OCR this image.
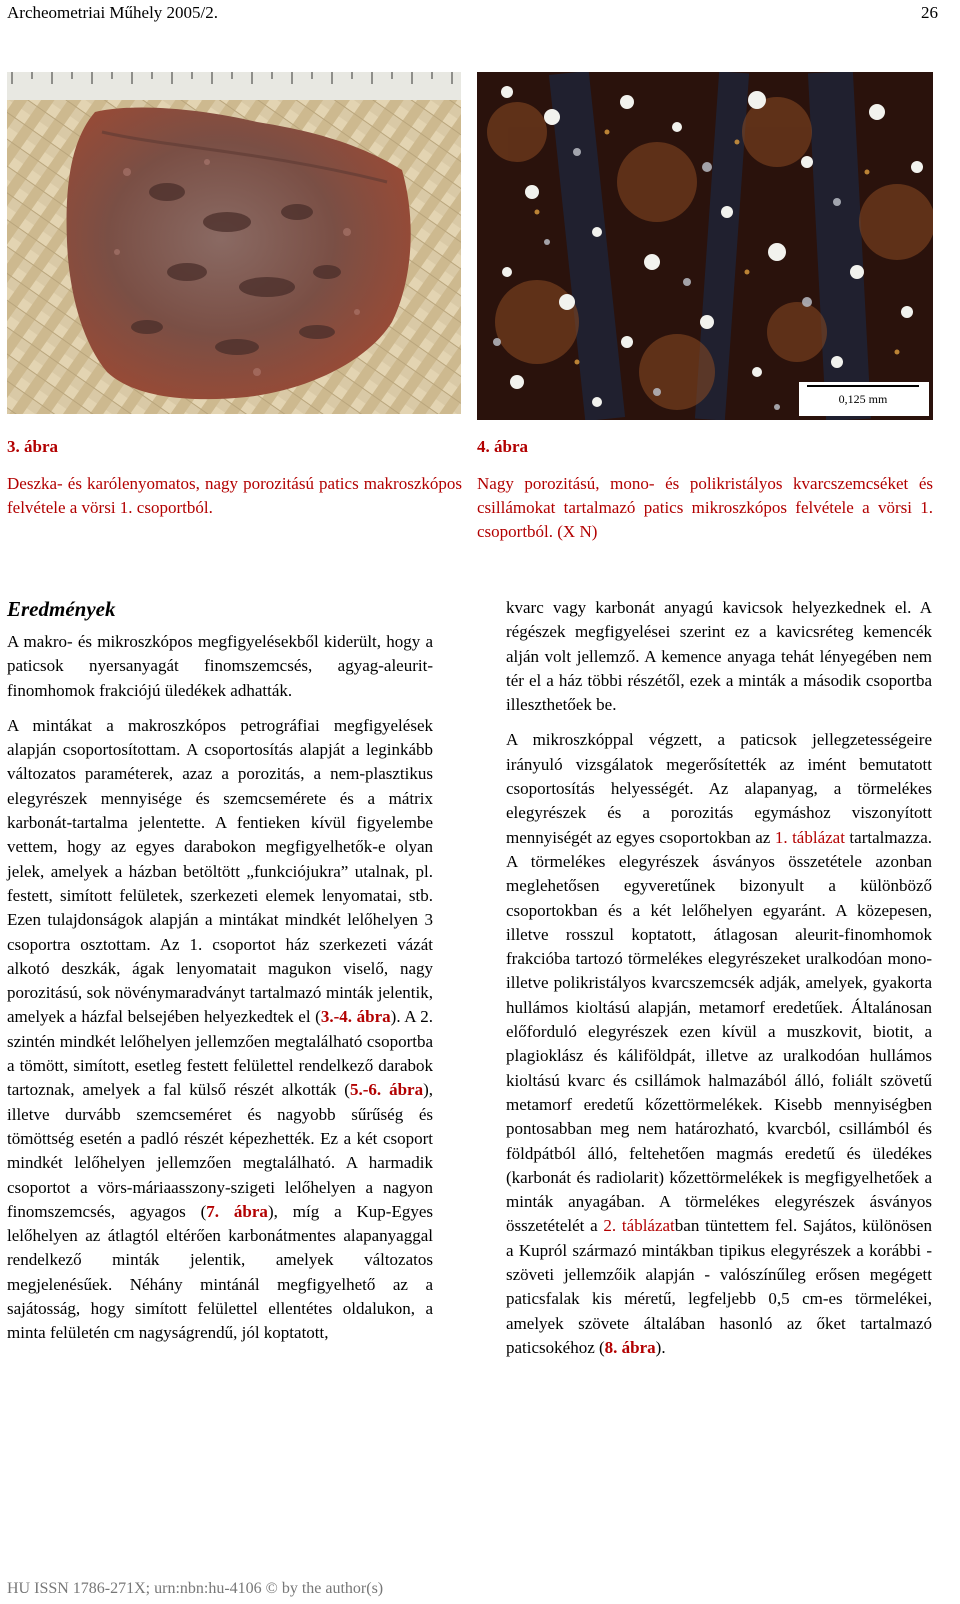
Archeometriai Műhely 2005/2.	26
0,125 mm
3. ábra
Deszka- és karólenyomatos, nagy porozitású patics makroszkópos felvétele a vörsi 1. csoportból.
4. ábra
Nagy porozitású, mono- és polikristályos kvarcszemcséket és csillámokat tartalmazó patics mikroszkópos felvétele a vörsi 1. csoportból. (X N)
Eredmények

A makro- és mikroszkópos megfigyelésekből kiderült, hogy a paticsok nyersanyagát finomszemcsés, agyag-aleurit-finomhomok frakciójú üledékek adhatták.

A mintákat a makroszkópos petrográfiai megfigyelések alapján csoportosítottam. A csoportosítás alapját a leginkább változatos paraméterek, azaz a porozitás, a nem-plasztikus elegyrészek mennyisége és szemcsemérete és a mátrix karbonát-tartalma jelentette. A fentieken kívül figyelembe vettem, hogy az egyes darabokon megfigyelhetők-e olyan jelek, amelyek a házban betöltött „funkciójukra” utalnak, pl. festett, simított felületek, szerkezeti elemek lenyomatai, stb. Ezen tulajdonságok alapján a mintákat mindkét lelőhelyen 3 csoportra osztottam. Az 1. csoportot ház szerkezeti vázát alkotó deszkák, ágak lenyomatait magukon viselő, nagy porozitású, sok növénymaradványt tartalmazó minták jelentik, amelyek a házfal belsejében helyezkedtek el (3.-4. ábra). A 2. szintén mindkét lelőhelyen jellemzően megtalálható csoportba a tömött, simított, esetleg festett felülettel rendelkező darabok tartoznak, amelyek a fal külső részét alkották (5.-6. ábra), illetve durvább szemcseméret és nagyobb sűrűség és tömöttség esetén a padló részét képezhették. Ez a két csoport mindkét lelőhelyen jellemzően megtalálható. A harmadik csoportot a vörs-máriaasszony-szigeti lelőhelyen a nagyon finomszemcsés, agyagos (7. ábra), míg a Kup-Egyes lelőhelyen az átlagtól eltérően karbonátmentes alapanyaggal rendelkező minták jelentik, amelyek változatos megjelenésűek. Néhány mintánál megfigyelhető az a sajátosság, hogy simított felülettel ellentétes oldalukon, a minta felületén cm nagyságrendű, jól koptatott,

kvarc vagy karbonát anyagú kavicsok helyezkednek el. A régészek megfigyelései szerint ez a kavicsréteg kemencék alján volt jellemző. A kemence anyaga tehát lényegében nem tér el a ház többi részétől, ezek a minták a második csoportba illeszthetőek be.

A mikroszkóppal végzett, a paticsok jellegzetességeire irányuló vizsgálatok megerősítették az imént bemutatott csoportosítás helyességét. Az alapanyag, a törmelékes elegyrészek és a porozitás egymáshoz viszonyított mennyiségét az egyes csoportokban az 1. táblázat tartalmazza. A törmelékes elegyrészek ásványos összetétele azonban meglehetősen egyveretűnek bizonyult a különböző csoportokban és a két lelőhelyen egyaránt. A közepesen, illetve rosszul koptatott, átlagosan aleurit-finomhomok frakcióba tartozó törmelékes elegyrészeket uralkodóan mono- illetve polikristályos kvarcszemcsék adják, amelyek, gyakorta hullámos kioltású alapján, metamorf eredetűek. Általánosan előforduló elegyrészek ezen kívül a muszkovit, biotit, a plagioklász és káliföldpát, illetve az uralkodóan hullámos kioltású kvarc és csillámok halmazából álló, foliált szövetű metamorf eredetű kőzettörmelékek. Kisebb mennyiségben pontosabban meg nem határozható, kvarcból, csillámból és földpátból álló, feltehetően magmás eredetű és üledékes (karbonát és radiolarit) kőzettörmelékek is megfigyelhetőek a minták anyagában. A törmelékes elegyrészek ásványos összetételét a 2. táblázatban tüntettem fel. Sajátos, különösen a Kupról származó mintákban tipikus elegyrészek a korábbi - szöveti jellemzőik alapján - valószínűleg erősen megégett paticsfalak kis méretű, legfeljebb 0,5 cm-es törmelékei, amelyek szövete általában hasonló az őket tartalmazó paticsokéhoz (8. ábra).

HU ISSN 1786-271X; urn:nbn:hu-4106 © by the author(s)
